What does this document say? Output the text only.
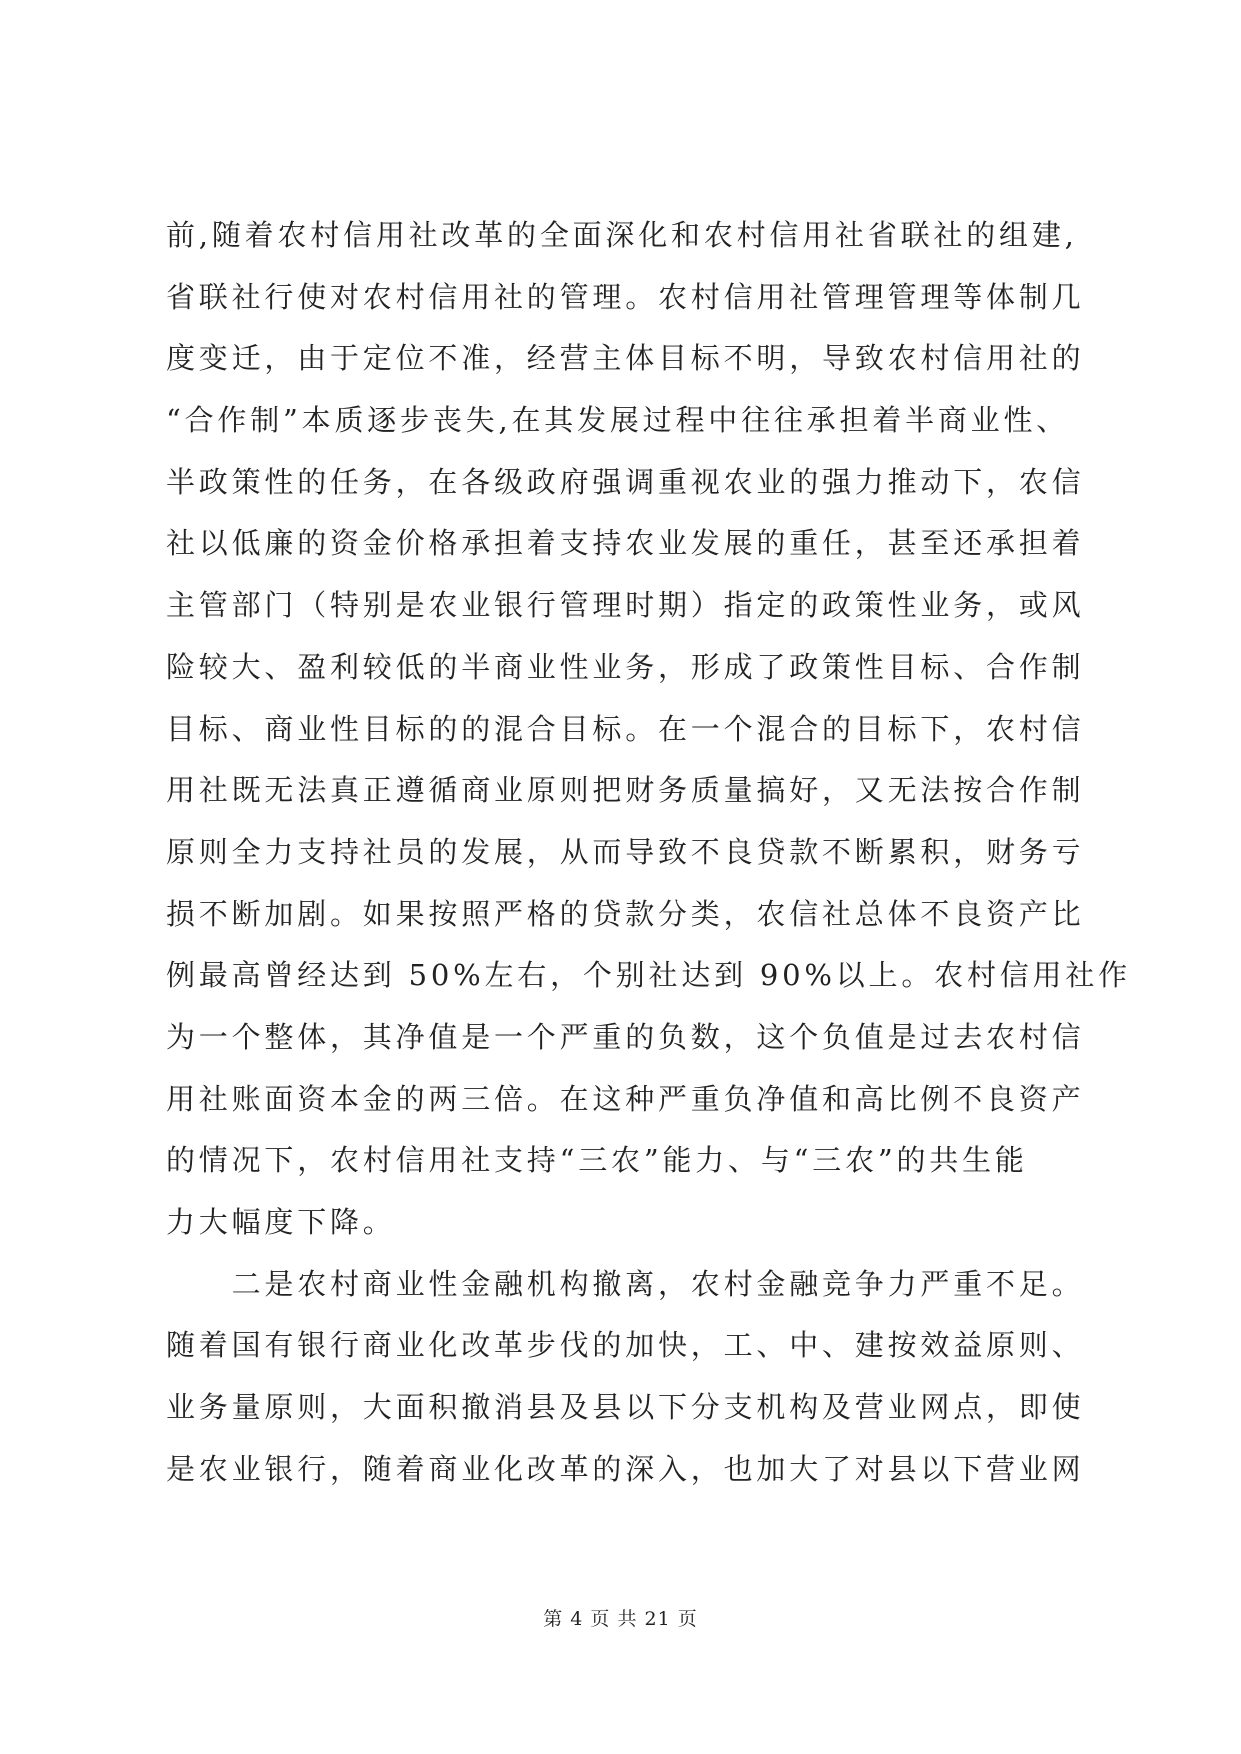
前,随着农村信用社改革的全面深化和农村信用社省联社的组建,
省联社行使对农村信用社的管理。农村信用社管理管理等体制几
度变迁，由于定位不准，经营主体目标不明，导致农村信用社的
“合作制”本质逐步丧失,在其发展过程中往往承担着半商业性、
半政策性的任务，在各级政府强调重视农业的强力推动下，农信
社以低廉的资金价格承担着支持农业发展的重任，甚至还承担着
主管部门（特别是农业银行管理时期）指定的政策性业务，或风
险较大、盈利较低的半商业性业务，形成了政策性目标、合作制
目标、商业性目标的的混合目标。在一个混合的目标下，农村信
用社既无法真正遵循商业原则把财务质量搞好，又无法按合作制
原则全力支持社员的发展，从而导致不良贷款不断累积，财务亏
损不断加剧。如果按照严格的贷款分类，农信社总体不良资产比
例最高曾经达到 50%左右，个别社达到 90%以上。农村信用社作
为一个整体，其净值是一个严重的负数，这个负值是过去农村信
用社账面资本金的两三倍。在这种严重负净值和高比例不良资产
的情况下，农村信用社支持“三农”能力、与“三农”的共生能
力大幅度下降。
　　二是农村商业性金融机构撤离，农村金融竞争力严重不足。
随着国有银行商业化改革步伐的加快，工、中、建按效益原则、
业务量原则，大面积撤消县及县以下分支机构及营业网点，即使
是农业银行，随着商业化改革的深入，也加大了对县以下营业网
第 4 页 共 21 页
